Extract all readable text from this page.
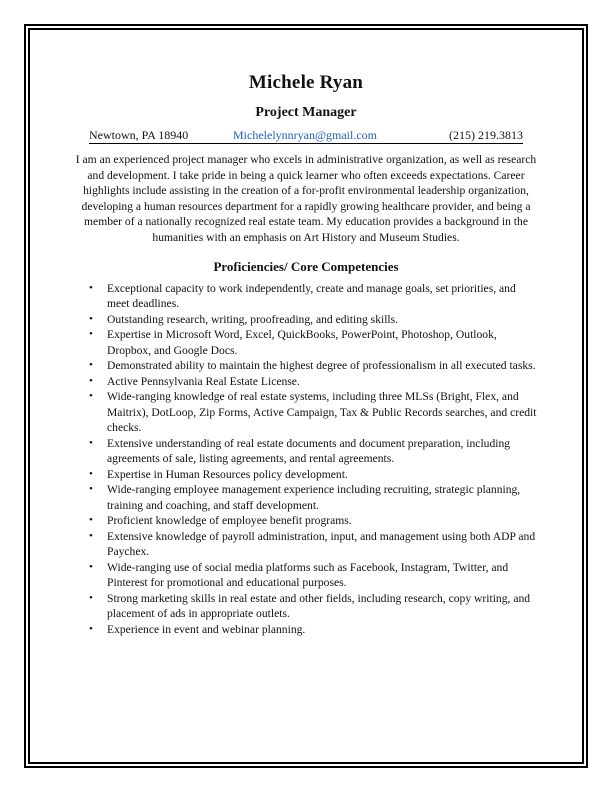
Michele Ryan
Project Manager
Newtown, PA 18940	Michelelynnryan@gmail.com	(215) 219.3813

I am an experienced project manager who excels in administrative organization, as well as research and development. I take pride in being a quick learner who often exceeds expectations. Career highlights include assisting in the creation of a for-profit environmental leadership organization, developing a human resources department for a rapidly growing healthcare provider, and being a member of a nationally recognized real estate team. My education provides a background in the humanities with an emphasis on Art History and Museum Studies.

Proficiencies/ Core Competencies
• Exceptional capacity to work independently, create and manage goals, set priorities, and meet deadlines.
• Outstanding research, writing, proofreading, and editing skills.
• Expertise in Microsoft Word, Excel, QuickBooks, PowerPoint, Photoshop, Outlook, Dropbox, and Google Docs.
• Demonstrated ability to maintain the highest degree of professionalism in all executed tasks.
• Active Pennsylvania Real Estate License.
• Wide-ranging knowledge of real estate systems, including three MLSs (Bright, Flex, and Maitrix), DotLoop, Zip Forms, Active Campaign, Tax & Public Records searches, and credit checks.
• Extensive understanding of real estate documents and document preparation, including agreements of sale, listing agreements, and rental agreements.
• Expertise in Human Resources policy development.
• Wide-ranging employee management experience including recruiting, strategic planning, training and coaching, and staff development.
• Proficient knowledge of employee benefit programs.
• Extensive knowledge of payroll administration, input, and management using both ADP and Paychex.
• Wide-ranging use of social media platforms such as Facebook, Instagram, Twitter, and Pinterest for promotional and educational purposes.
• Strong marketing skills in real estate and other fields, including research, copy writing, and placement of ads in appropriate outlets.
• Experience in event and webinar planning.
